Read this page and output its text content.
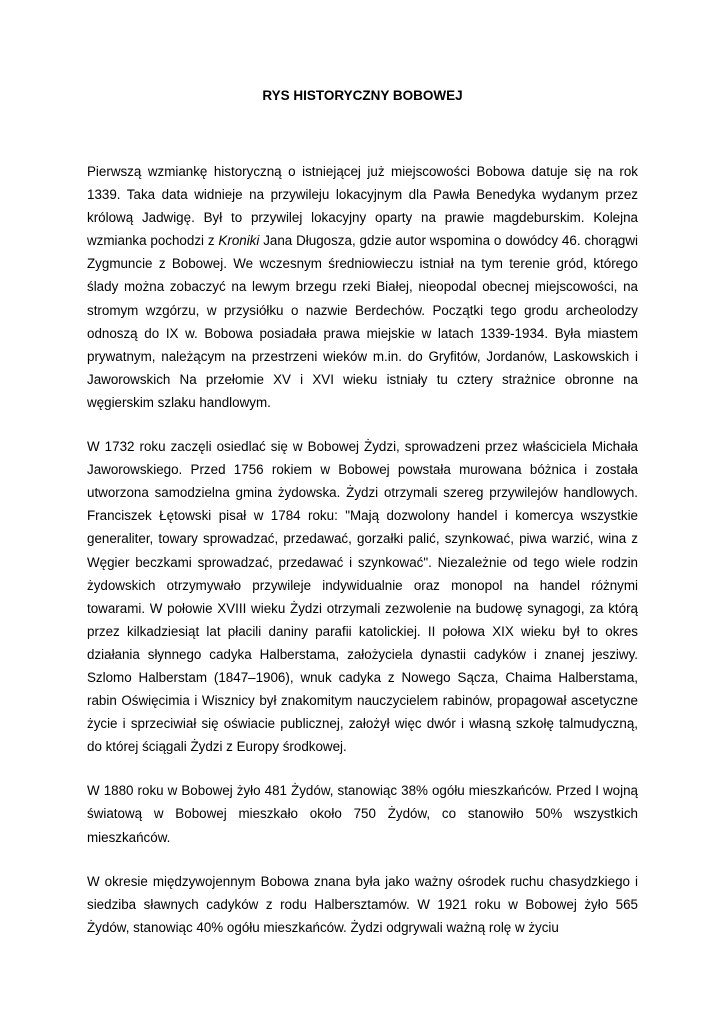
RYS HISTORYCZNY BOBOWEJ

Pierwszą wzmiankę historyczną o istniejącej już miejscowości Bobowa datuje się na rok 1339. Taka data widnieje na przywileju lokacyjnym dla Pawła Benedyka wydanym przez królową Jadwigę. Był to przywilej lokacyjny oparty na prawie magdeburskim. Kolejna wzmianka pochodzi z Kroniki Jana Długosza, gdzie autor wspomina o dowódcy 46. chorągwi Zygmuncie z Bobowej. We wczesnym średniowieczu istniał na tym terenie gród, którego ślady można zobaczyć na lewym brzegu rzeki Białej, nieopodal obecnej miejscowości, na stromym wzgórzu, w przysiółku o nazwie Berdechów. Początki tego grodu archeolodzy odnoszą do IX w. Bobowa posiadała prawa miejskie w latach 1339-1934. Była miastem prywatnym, należącym na przestrzeni wieków m.in. do Gryfitów, Jordanów, Laskowskich i Jaworowskich Na przełomie XV i XVI wieku istniały tu cztery strażnice obronne na węgierskim szlaku handlowym.

W 1732 roku zaczęli osiedlać się w Bobowej Żydzi, sprowadzeni przez właściciela Michała Jaworowskiego. Przed 1756 rokiem w Bobowej powstała murowana bóżnica i została utworzona samodzielna gmina żydowska. Żydzi otrzymali szereg przywilejów handlowych. Franciszek Łętowski pisał w 1784 roku: "Mają dozwolony handel i komercya wszystkie generaliter, towary sprowadzać, przedawać, gorzałki palić, szynkować, piwa warzić, wina z Węgier beczkami sprowadzać, przedawać i szynkować". Niezależnie od tego wiele rodzin żydowskich otrzymywało przywileje indywidualnie oraz monopol na handel różnymi towarami. W połowie XVIII wieku Żydzi otrzymali zezwolenie na budowę synagogi, za którą przez kilkadziesiąt lat płacili daniny parafii katolickiej. II połowa XIX wieku był to okres działania słynnego cadyka Halberstama, założyciela dynastii cadyków i znanej jesziwy. Szlomo Halberstam (1847–1906), wnuk cadyka z Nowego Sącza, Chaima Halberstama, rabin Oświęcimia i Wisznicy był znakomitym nauczycielem rabinów, propagował ascetyczne życie i sprzeciwiał się oświacie publicznej, założył więc dwór i własną szkołę talmudyczną, do której ściągali Żydzi z Europy środkowej.

W 1880 roku w Bobowej żyło 481 Żydów, stanowiąc 38% ogółu mieszkańców. Przed I wojną światową w Bobowej mieszkało około 750 Żydów, co stanowiło 50% wszystkich mieszkańców.

W okresie międzywojennym Bobowa znana była jako ważny ośrodek ruchu chasydzkiego i siedziba sławnych cadyków z rodu Halbersztamów. W 1921 roku w Bobowej żyło 565 Żydów, stanowiąc 40% ogółu mieszkańców. Żydzi odgrywali ważną rolę w życiu
